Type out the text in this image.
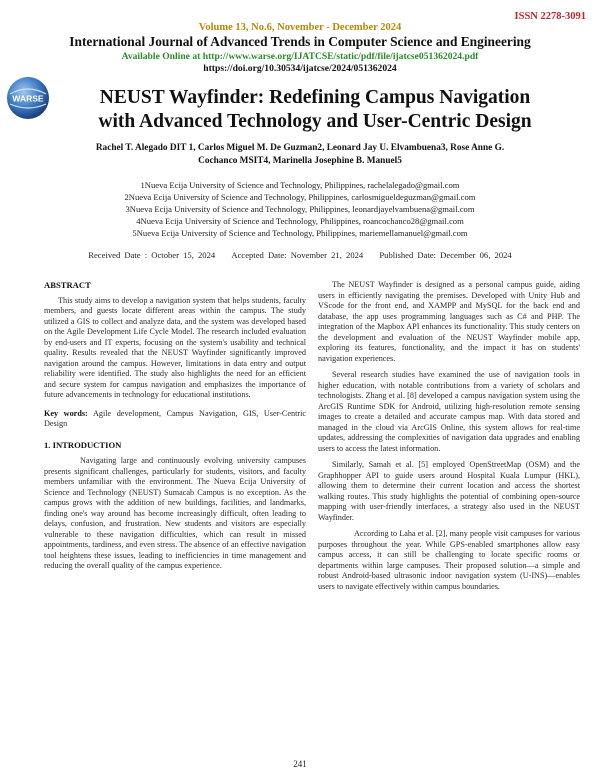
ISSN 2278-3091
Volume 13, No.6, November - December 2024
International Journal of Advanced Trends in Computer Science and Engineering
Available Online at http://www.warse.org/IJATCSE/static/pdf/file/ijatcse051362024.pdf
https://doi.org/10.30534/ijatcse/2024/051362024
WARSE	NEUST Wayfinder: Redefining Campus Navigation
with Advanced Technology and User-Centric Design
Rachel T. Alegado DIT 1, Carlos Miguel M. De Guzman2, Leonard Jay U. Elvambuena3, Rose Anne G.
Cochanco MSIT4, Marinella Josephine B. Manuel5
1Nueva Ecija University of Science and Technology, Philippines, rachelalegado@gmail.com
2Nueva Ecija University of Science and Technology, Philippines, carlosmigueldeguzman@gmail.com
3Nueva Ecija University of Science and Technology, Philippines, leonardjayelvambuena@gmail.com
4Nueva Ecija University of Science and Technology, Philippines, roancochanco28@gmail.com
5Nueva Ecija University of Science and Technology, Philippines, mariemellamanuel@gmail.com
Received Date : October 15, 2024 Accepted Date: November 21, 2024 Published Date: December 06, 2024
ABSTRACT

This study aims to develop a navigation system that helps students, faculty members, and guests locate different areas within the campus. The study utilized a GIS to collect and analyze data, and the system was developed based on the Agile Development Life Cycle Model. The research included evaluation by end-users and IT experts, focusing on the system's usability and technical quality. Results revealed that the NEUST Wayfinder significantly improved navigation around the campus. However, limitations in data entry and output reliability were identified. The study also highlights the need for an efficient and secure system for campus navigation and emphasizes the importance of future advancements in technology for educational institutions.

Key words: Agile development, Campus Navigation, GIS, User-Centric Design

1. INTRODUCTION

Navigating large and continuously evolving university campuses presents significant challenges, particularly for students, visitors, and faculty members unfamiliar with the environment. The Nueva Ecija University of Science and Technology (NEUST) Sumacab Campus is no exception. As the campus grows with the addition of new buildings, facilities, and landmarks, finding one's way around has become increasingly difficult, often leading to delays, confusion, and frustration. New students and visitors are especially vulnerable to these navigation difficulties, which can result in missed appointments, tardiness, and even stress. The absence of an effective navigation tool heightens these issues, leading to inefficiencies in time management and reducing the overall quality of the campus experience.

The NEUST Wayfinder is designed as a personal campus guide, aiding users in efficiently navigating the premises. Developed with Unity Hub and VScode for the front end, and XAMPP and MySQL for the back end and database, the app uses programming languages such as C# and PHP. The integration of the Mapbox API enhances its functionality. This study centers on the development and evaluation of the NEUST Wayfinder mobile app, exploring its features, functionality, and the impact it has on students' navigation experiences.

Several research studies have examined the use of navigation tools in higher education, with notable contributions from a variety of scholars and technologists. Zhang et al. [8] developed a campus navigation system using the ArcGIS Runtime SDK for Android, utilizing high-resolution remote sensing images to create a detailed and accurate campus map. With data stored and managed in the cloud via ArcGIS Online, this system allows for real-time updates, addressing the complexities of navigation data upgrades and enabling users to access the latest information.

Similarly, Samah et al. [5] employed OpenStreetMap (OSM) and the Graphhopper API to guide users around Hospital Kuala Lumpur (HKL), allowing them to determine their current location and access the shortest walking routes. This study highlights the potential of combining open-source mapping with user-friendly interfaces, a strategy also used in the NEUST Wayfinder.

According to Laha et al. [2], many people visit campuses for various purposes throughout the year. While GPS-enabled smartphones allow easy campus access, it can still be challenging to locate specific rooms or departments within large campuses. Their proposed solution—a simple and robust Android-based ultrasonic indoor navigation system (U-INS)—enables users to navigate effectively within campus boundaries.

241
